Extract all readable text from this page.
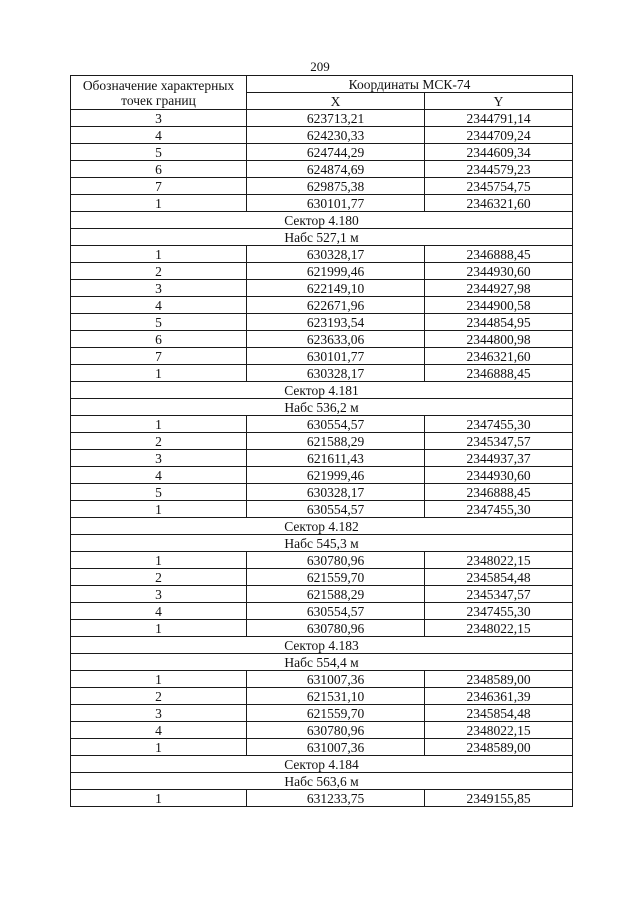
209
Обозначение характерных точек границ	Координаты МСК-74	
	X	Y
3	623713,21	2344791,14
4	624230,33	2344709,24
5	624744,29	2344609,34
6	624874,69	2344579,23
7	629875,38	2345754,75
1	630101,77	2346321,60
Сектор 4.180		
Набс 527,1 м		
1	630328,17	2346888,45
2	621999,46	2344930,60
3	622149,10	2344927,98
4	622671,96	2344900,58
5	623193,54	2344854,95
6	623633,06	2344800,98
7	630101,77	2346321,60
1	630328,17	2346888,45
Сектор 4.181		
Набс 536,2 м		
1	630554,57	2347455,30
2	621588,29	2345347,57
3	621611,43	2344937,37
4	621999,46	2344930,60
5	630328,17	2346888,45
1	630554,57	2347455,30
Сектор 4.182		
Набс 545,3 м		
1	630780,96	2348022,15
2	621559,70	2345854,48
3	621588,29	2345347,57
4	630554,57	2347455,30
1	630780,96	2348022,15
Сектор 4.183		
Набс 554,4 м		
1	631007,36	2348589,00
2	621531,10	2346361,39
3	621559,70	2345854,48
4	630780,96	2348022,15
1	631007,36	2348589,00
Сектор 4.184		
Набс 563,6 м		
1	631233,75	2349155,85
